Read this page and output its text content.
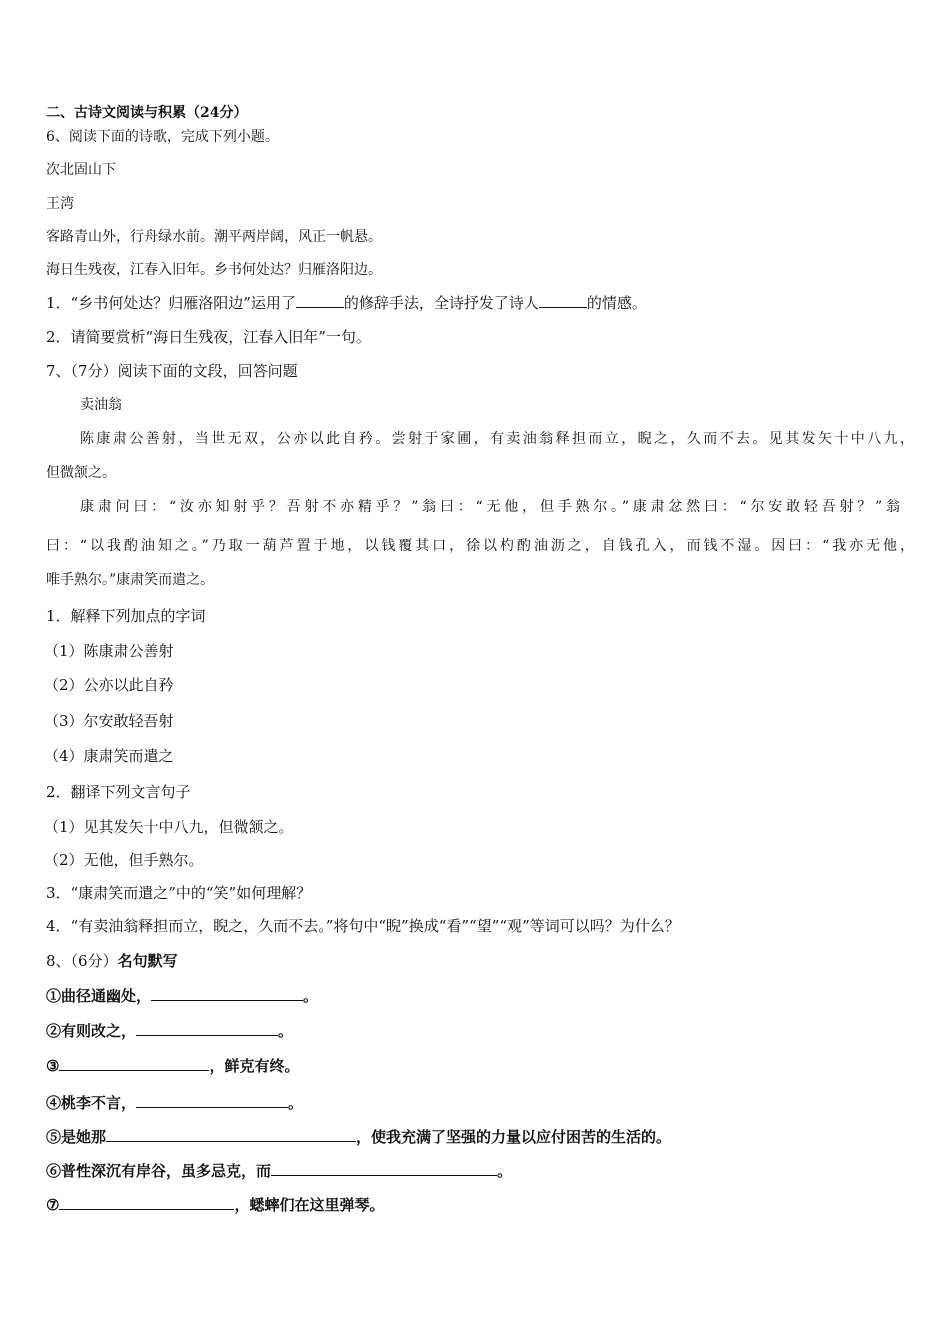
二、古诗文阅读与积累（24分）
6、阅读下面的诗歌，完成下列小题。
次北固山下
王湾
客路青山外，行舟绿水前。潮平两岸阔，风正一帆悬。
海日生残夜，江春入旧年。乡书何处达？归雁洛阳边。
1．“乡书何处达？归雁洛阳边”运用了	的修辞手法，全诗抒发了诗人	的情感。
2．请简要赏析“海日生残夜，江春入旧年”一句。
7、（7分）阅读下面的文段，回答问题
卖油翁
陈康肃公善射，当世无双，公亦以此自矜。尝射于家圃，有卖油翁释担而立，睨之，久而不去。见其发矢十中八九，
但微颔之。
康肃问曰：“汝亦知射乎？吾射不亦精乎？”翁曰：“无他，但手熟尔。”康肃忿然曰：“尔安敢轻吾射？”翁
曰：“以我酌油知之。”乃取一葫芦置于地，以钱覆其口，徐以杓酌油沥之，自钱孔入，而钱不湿。因曰：“我亦无他，
唯手熟尔。”康肃笑而遣之。
1．解释下列加点的字词
（1）陈康肃公善射
（2）公亦以此自矜
（3）尔安敢轻吾射
（4）康肃笑而遣之
2．翻译下列文言句子
（1）见其发矢十中八九，但微颔之。
（2）无他，但手熟尔。
3．“康肃笑而遣之”中的“笑”如何理解？
4．“有卖油翁释担而立，睨之，久而不去。”将句中“睨”换成“看”“望”“观”等词可以吗？为什么？
8、（6分）名句默写
①曲径通幽处，	。
②有则改之，	。
③	，鲜克有终。
④桃李不言，	。
⑤是她那	，使我充满了坚强的力量以应付困苦的生活的。
⑥普性深沉有岸谷，虽多忌克，而	。
⑦	，蟋蟀们在这里弹琴。
